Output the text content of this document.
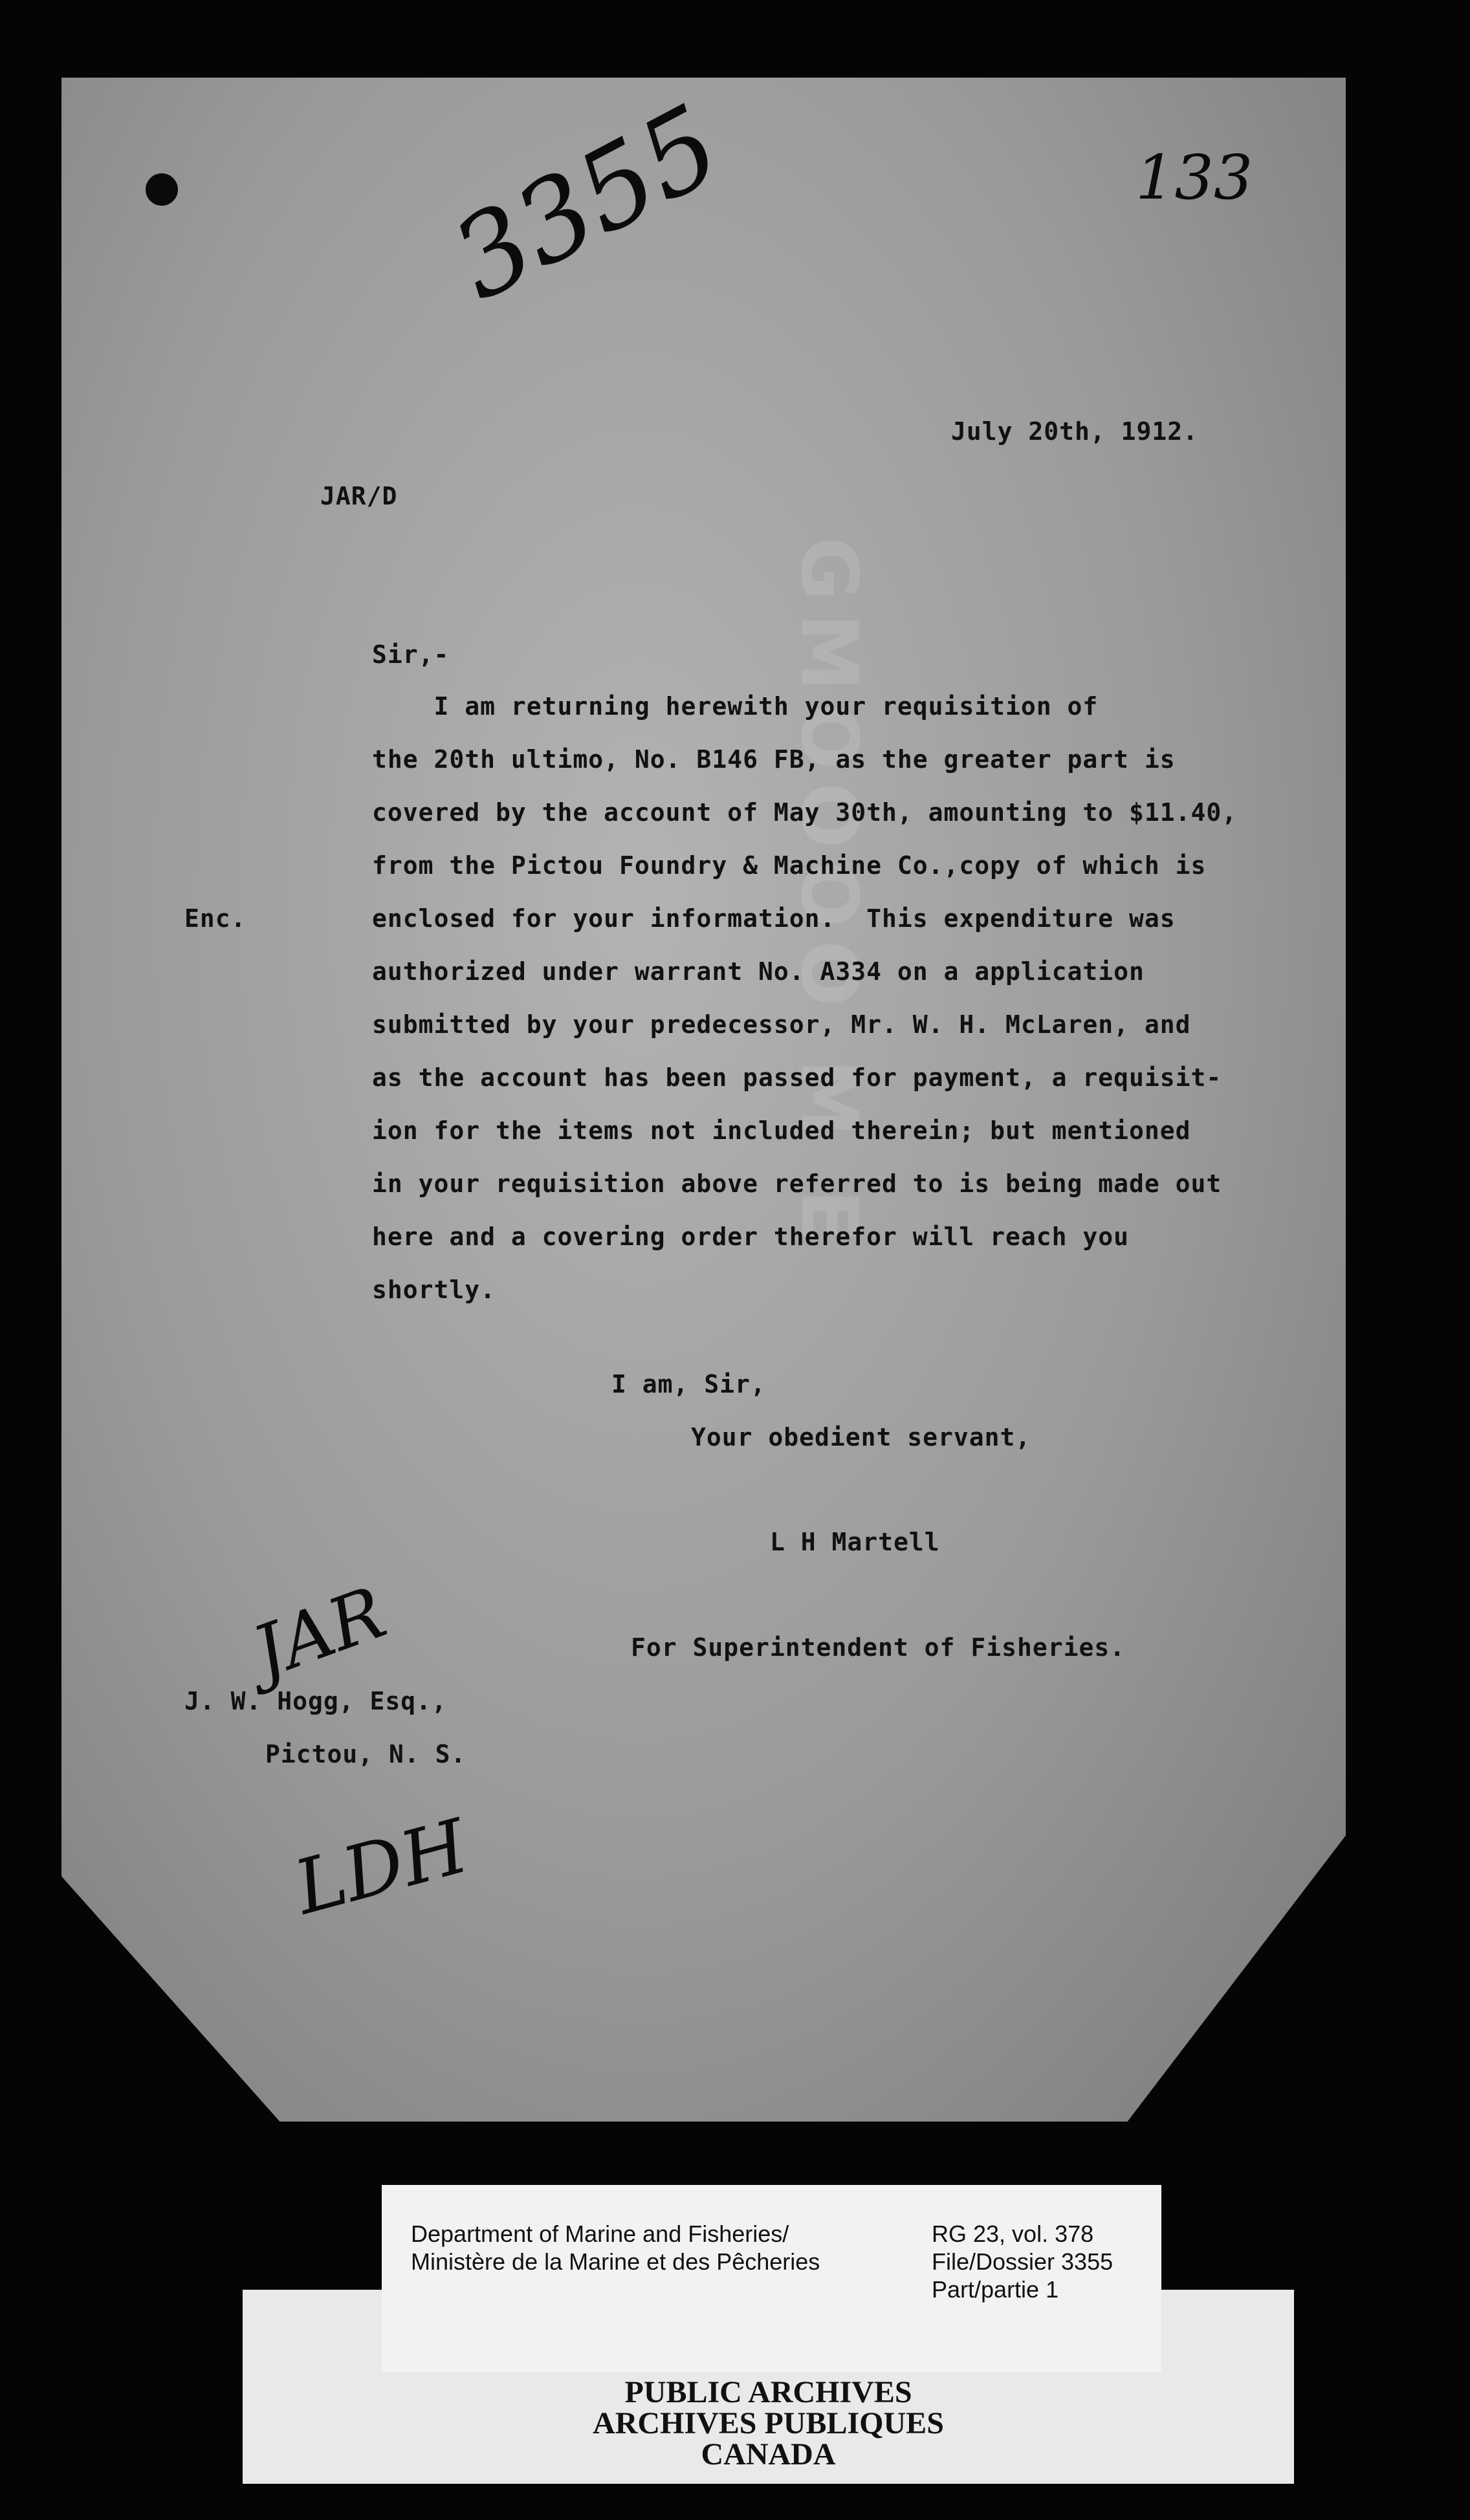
GMOOOO M E
3355	133
JAR
LDH
July 20th, 1912.
JAR/D
Sir,-
Enc.
I am returning herewith your requisition of
the 20th ultimo, No. B146 FB, as the greater part is
covered by the account of May 30th, amounting to $11.40,
from the Pictou Foundry & Machine Co.,copy of which is
enclosed for your information.  This expenditure was
authorized under warrant No. A334 on a application
submitted by your predecessor, Mr. W. H. McLaren, and
as the account has been passed for payment, a requisit-
ion for the items not included therein; but mentioned
in your requisition above referred to is being made out
here and a covering order therefor will reach you
shortly.
I am, Sir,
Your obedient servant,
L H Martell
For Superintendent of Fisheries.
J. W. Hogg, Esq.,
Pictou, N. S.
PUBLIC ARCHIVES
ARCHIVES PUBLIQUES
CANADA
Department of Marine and Fisheries/
Ministère de la Marine et des Pêcheries
RG 23, vol. 378
File/Dossier 3355
Part/partie 1
